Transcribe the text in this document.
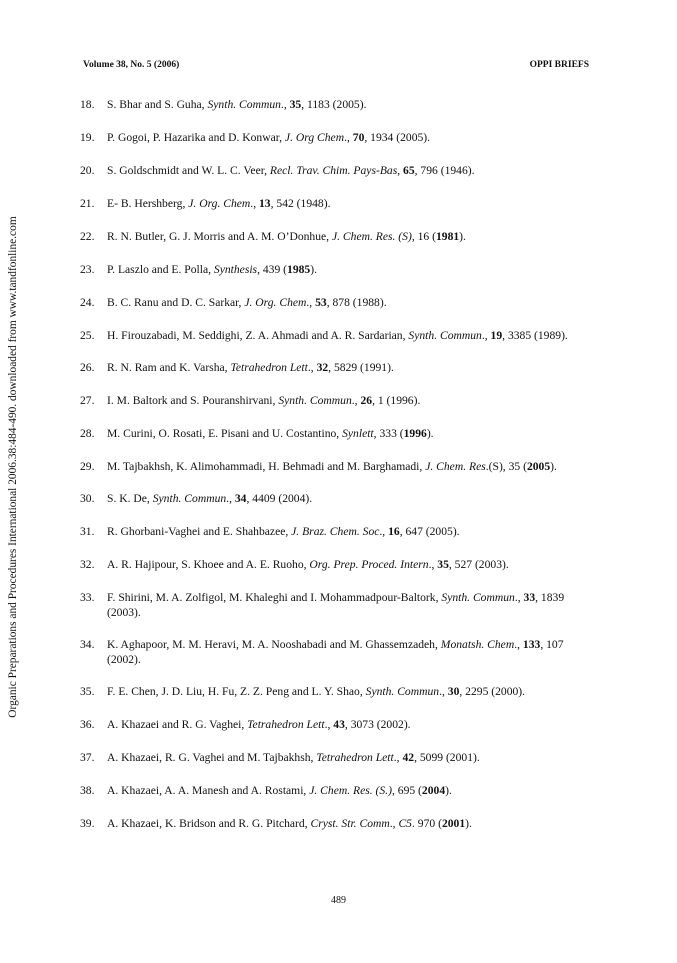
Volume 38, No. 5 (2006)	OPPI BRIEFS
Organic Preparations and Procedures International 2006.38:484-490. downloaded from www.tandfonline.com
18. S. Bhar and S. Guha, Synth. Commun., 35, 1183 (2005).
19. P. Gogoi, P. Hazarika and D. Konwar, J. Org Chem., 70, 1934 (2005).
20. S. Goldschmidt and W. L. C. Veer, Recl. Trav. Chim. Pays-Bas, 65, 796 (1946).
21. E- B. Hershberg, J. Org. Chem., 13, 542 (1948).
22. R. N. Butler, G. J. Morris and A. M. O’Donhue, J. Chem. Res. (S), 16 (1981).
23. P. Laszlo and E. Polla, Synthesis, 439 (1985).
24. B. C. Ranu and D. C. Sarkar, J. Org. Chem., 53, 878 (1988).
25. H. Firouzabadi, M. Seddighi, Z. A. Ahmadi and A. R. Sardarian, Synth. Commun., 19, 3385 (1989).
26. R. N. Ram and K. Varsha, Tetrahedron Lett., 32, 5829 (1991).
27. I. M. Baltork and S. Pouranshirvani, Synth. Commun., 26, 1 (1996).
28. M. Curini, O. Rosati, E. Pisani and U. Costantino, Synlett, 333 (1996).
29. M. Tajbakhsh, K. Alimohammadi, H. Behmadi and M. Barghamadi, J. Chem. Res.(S), 35 (2005).
30. S. K. De, Synth. Commun., 34, 4409 (2004).
31. R. Ghorbani-Vaghei and E. Shahbazee, J. Braz. Chem. Soc., 16, 647 (2005).
32. A. R. Hajipour, S. Khoee and A. E. Ruoho, Org. Prep. Proced. Intern., 35, 527 (2003).
33. F. Shirini, M. A. Zolfigol, M. Khaleghi and I. Mohammadpour-Baltork, Synth. Commun., 33, 1839 (2003).
34. K. Aghapoor, M. M. Heravi, M. A. Nooshabadi and M. Ghassemzadeh, Monatsh. Chem., 133, 107 (2002).
35. F. E. Chen, J. D. Liu, H. Fu, Z. Z. Peng and L. Y. Shao, Synth. Commun., 30, 2295 (2000).
36. A. Khazaei and R. G. Vaghei, Tetrahedron Lett., 43, 3073 (2002).
37. A. Khazaei, R. G. Vaghei and M. Tajbakhsh, Tetrahedron Lett., 42, 5099 (2001).
38. A. Khazaei, A. A. Manesh and A. Rostami, J. Chem. Res. (S.), 695 (2004).
39. A. Khazaei, K. Bridson and R. G. Pitchard, Cryst. Str. Comm., C5. 970 (2001).
489
